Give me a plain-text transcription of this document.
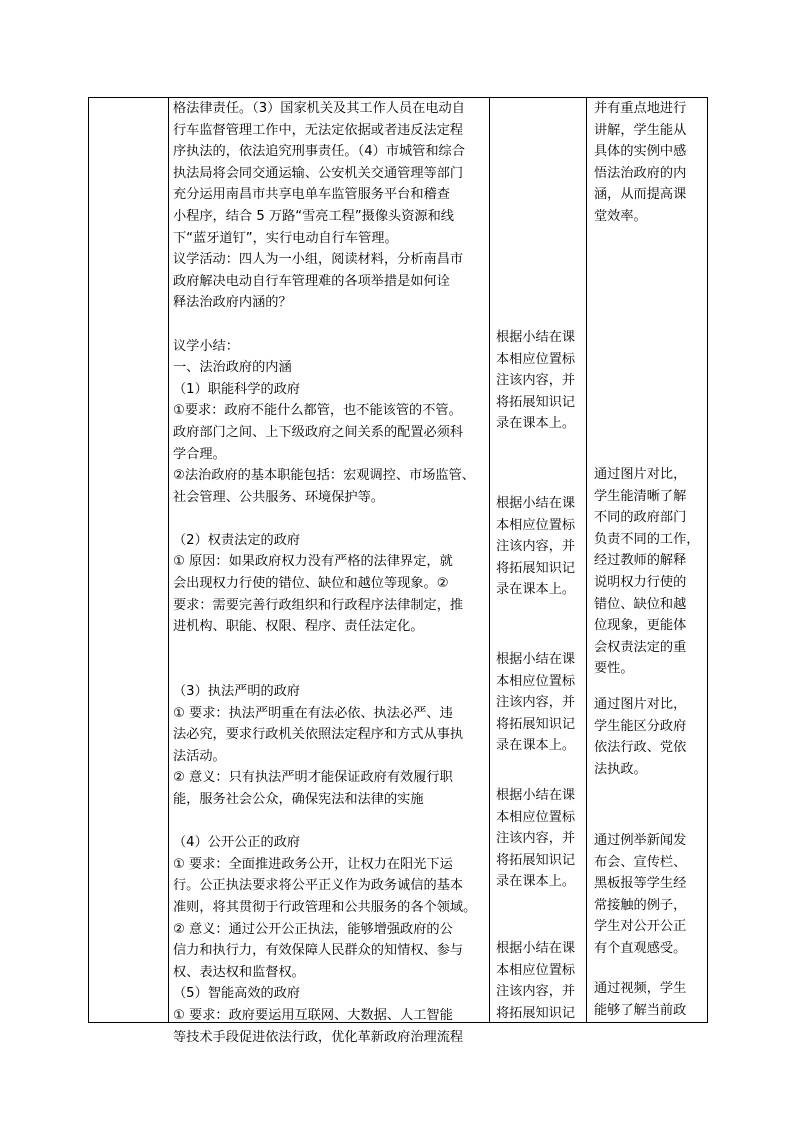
格法律责任。（3）国家机关及其工作人员在电动自

行车监督管理工作中，无法定依据或者违反法定程

序执法的，依法追究刑事责任。（4）市城管和综合

执法局将会同交通运输、公安机关交通管理等部门

充分运用南昌市共享电单车监管服务平台和稽查

小程序，结合 5 万路“雪亮工程”摄像头资源和线

下“蓝牙道钉”，实行电动自行车管理。

议学活动：四人为一小组，阅读材料，分析南昌市

政府解决电动自行车管理难的各项举措是如何诠

释法治政府内涵的？

议学小结：

一、法治政府的内涵

（1）职能科学的政府

①要求：政府不能什么都管，也不能该管的不管。

政府部门之间、上下级政府之间关系的配置必须科

学合理。

②法治政府的基本职能包括：宏观调控、市场监管、

社会管理、公共服务、环境保护等。

（2）权责法定的政府

① 原因：如果政府权力没有严格的法律界定，就

会出现权力行使的错位、缺位和越位等现象。②

要求：需要完善行政组织和行政程序法律制定，推

进机构、职能、权限、程序、责任法定化。

（3）执法严明的政府

① 要求：执法严明重在有法必依、执法必严、违

法必究，要求行政机关依照法定程序和方式从事执

法活动。

② 意义：只有执法严明才能保证政府有效履行职

能，服务社会公众，确保宪法和法律的实施

（4）公开公正的政府

① 要求：全面推进政务公开，让权力在阳光下运

行。公正执法要求将公平正义作为政务诚信的基本

准则，将其贯彻于行政管理和公共服务的各个领域。

② 意义：通过公开公正执法，能够增强政府的公

信力和执行力，有效保障人民群众的知情权、参与

权、表达权和监督权。

（5）智能高效的政府

① 要求：政府要运用互联网、大数据、人工智能

等技术手段促进依法行政，优化革新政府治理流程

根据小结在课
本相应位置标
注该内容，并
将拓展知识记
录在课本上。
根据小结在课
本相应位置标
注该内容，并
将拓展知识记
录在课本上。
根据小结在课
本相应位置标
注该内容，并
将拓展知识记
录在课本上。
根据小结在课
本相应位置标
注该内容，并
将拓展知识记
录在课本上。
根据小结在课
本相应位置标
注该内容，并
将拓展知识记
并有重点地进行
讲解，学生能从
具体的实例中感
悟法治政府的内
涵，从而提高课
堂效率。
通过图片对比，
学生能清晰了解
不同的政府部门
负责不同的工作，
经过教师的解释
说明权力行使的
错位、缺位和越
位现象，更能体
会权责法定的重
要性。
通过图片对比，
学生能区分政府
依法行政、党依
法执政。
通过例举新闻发
布会、宣传栏、
黑板报等学生经
常接触的例子，
学生对公开公正
有个直观感受。
通过视频，学生
能够了解当前政
